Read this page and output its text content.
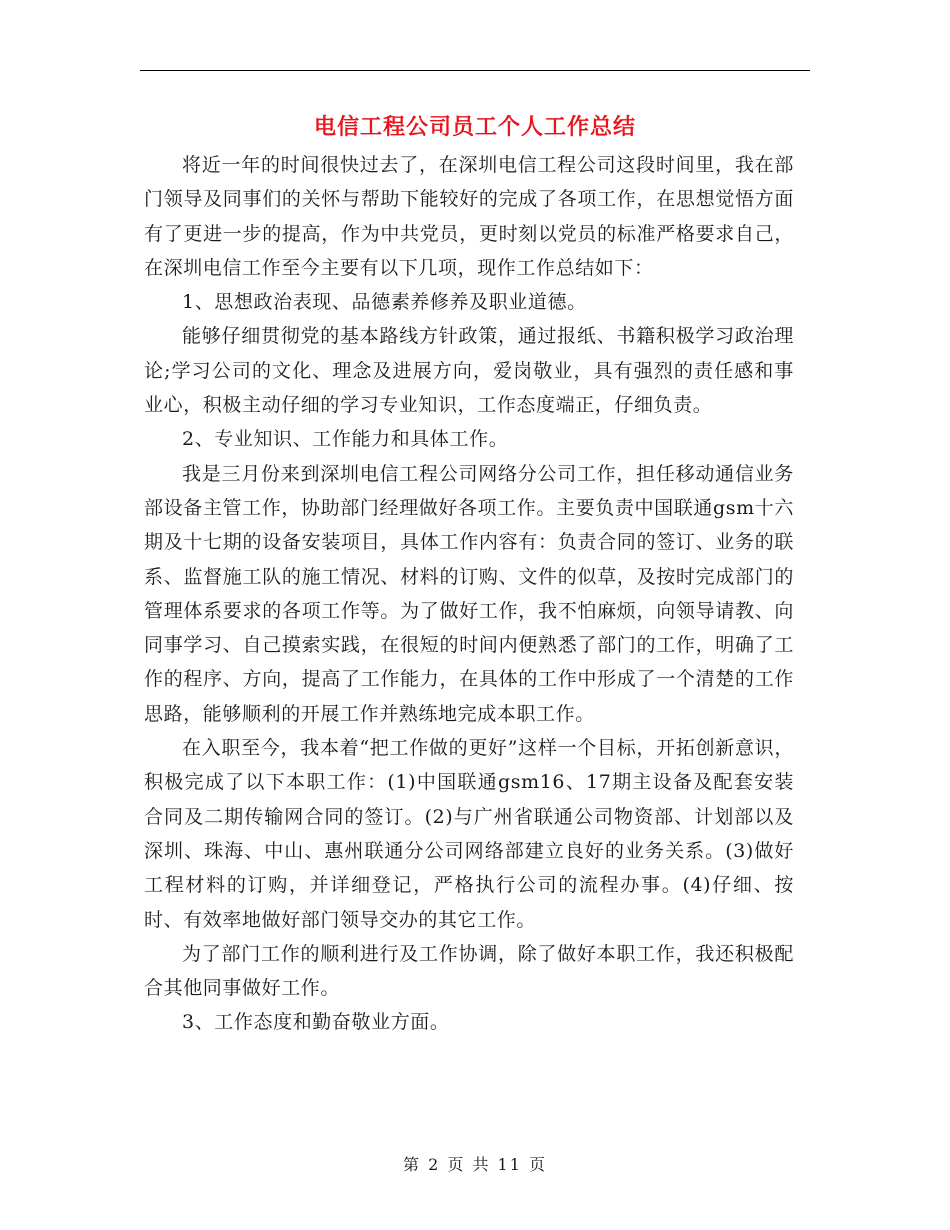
电信工程公司员工个人工作总结

将近一年的时间很快过去了，在深圳电信工程公司这段时间里，我在部门领导及同事们的关怀与帮助下能较好的完成了各项工作，在思想觉悟方面有了更进一步的提高，作为中共党员，更时刻以党员的标准严格要求自己，在深圳电信工作至今主要有以下几项，现作工作总结如下：

1、思想政治表现、品德素养修养及职业道德。

能够仔细贯彻党的基本路线方针政策，通过报纸、书籍积极学习政治理论;学习公司的文化、理念及进展方向，爱岗敬业，具有强烈的责任感和事业心，积极主动仔细的学习专业知识，工作态度端正，仔细负责。

2、专业知识、工作能力和具体工作。

我是三月份来到深圳电信工程公司网络分公司工作，担任移动通信业务部设备主管工作，协助部门经理做好各项工作。主要负责中国联通gsm十六期及十七期的设备安装项目，具体工作内容有：负责合同的签订、业务的联系、监督施工队的施工情况、材料的订购、文件的似草，及按时完成部门的管理体系要求的各项工作等。为了做好工作，我不怕麻烦，向领导请教、向同事学习、自己摸索实践，在很短的时间内便熟悉了部门的工作，明确了工作的程序、方向，提高了工作能力，在具体的工作中形成了一个清楚的工作思路，能够顺利的开展工作并熟练地完成本职工作。

在入职至今，我本着“把工作做的更好”这样一个目标，开拓创新意识，积极完成了以下本职工作：(1)中国联通gsm16、17期主设备及配套安装合同及二期传输网合同的签订。(2)与广州省联通公司物资部、计划部以及深圳、珠海、中山、惠州联通分公司网络部建立良好的业务关系。(3)做好工程材料的订购，并详细登记，严格执行公司的流程办事。(4)仔细、按时、有效率地做好部门领导交办的其它工作。

为了部门工作的顺利进行及工作协调，除了做好本职工作，我还积极配合其他同事做好工作。

3、工作态度和勤奋敬业方面。

第 2 页 共 11 页
